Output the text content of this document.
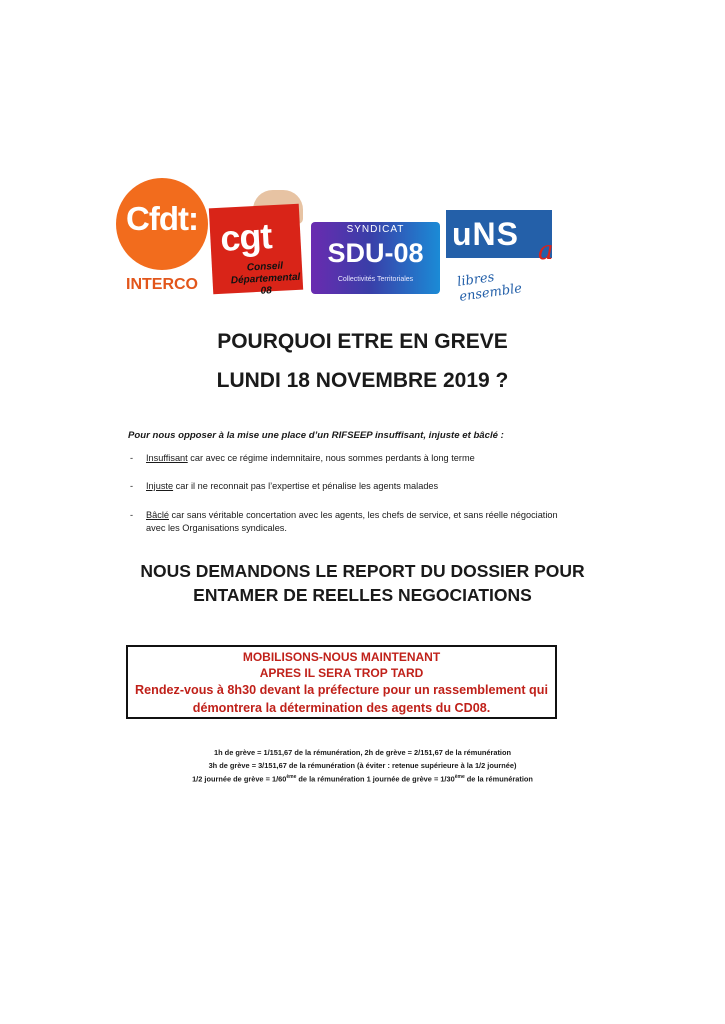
Cfdt:
INTERCO
cgt
Conseil
Départemental
08
SYNDICAT
SDU-08
Collectivités Territoriales
uNS a
libres ensemble
POURQUOI ETRE EN GREVE
LUNDI 18 NOVEMBRE 2019 ?
Pour nous opposer à la mise une place d’un RIFSEEP insuffisant, injuste et bâclé :
- Insuffisant car avec ce régime indemnitaire, nous sommes perdants à long terme
- Injuste car il ne reconnait pas l’expertise et pénalise les agents malades
- Bâclé car sans véritable concertation avec les agents, les chefs de service, et sans réelle négociation avec les Organisations syndicales.
NOUS DEMANDONS LE REPORT DU DOSSIER POUR
ENTAMER DE REELLES NEGOCIATIONS
MOBILISONS-NOUS MAINTENANT
APRES IL SERA TROP TARD
Rendez-vous à 8h30 devant la préfecture pour un rassemblement qui
démontrera la détermination des agents du CD08.
1h de grève = 1/151,67 de la rémunération, 2h de grève = 2/151,67 de la rémunération
3h de grève = 3/151,67 de la rémunération (à éviter : retenue supérieure à la 1/2 journée)
1/2 journée de grève = 1/60ème de la rémunération 1 journée de grève = 1/30ème de la rémunération
